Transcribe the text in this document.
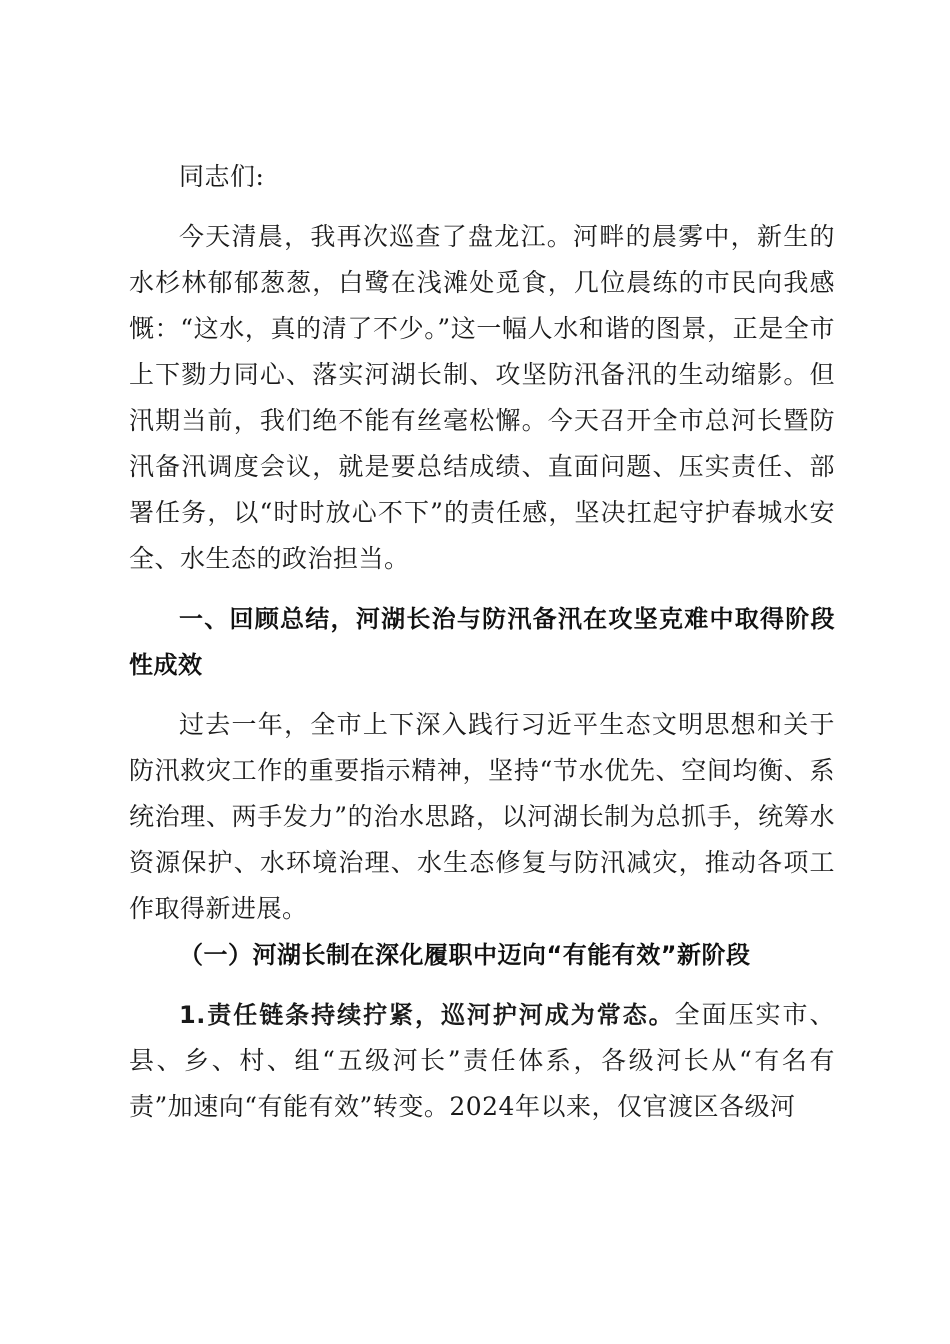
同志们:

今天清晨，我再次巡查了盘龙江。河畔的晨雾中，新生的水杉林郁郁葱葱，白鹭在浅滩处觅食，几位晨练的市民向我感慨：“这水，真的清了不少。”这一幅人水和谐的图景，正是全市上下勠力同心、落实河湖长制、攻坚防汛备汛的生动缩影。但汛期当前，我们绝不能有丝毫松懈。今天召开全市总河长暨防汛备汛调度会议，就是要总结成绩、直面问题、压实责任、部署任务，以“时时放心不下”的责任感，坚决扛起守护春城水安全、水生态的政治担当。

一、回顾总结，河湖长治与防汛备汛在攻坚克难中取得阶段性成效

过去一年，全市上下深入践行习近平生态文明思想和关于防汛救灾工作的重要指示精神，坚持“节水优先、空间均衡、系统治理、两手发力”的治水思路，以河湖长制为总抓手，统筹水资源保护、水环境治理、水生态修复与防汛减灾，推动各项工作取得新进展。

（一）河湖长制在深化履职中迈向“有能有效”新阶段

1.责任链条持续拧紧，巡河护河成为常态。全面压实市、县、乡、村、组“五级河长”责任体系，各级河长从“有名有责”加速向“有能有效”转变。2024年以来，仅官渡区各级河
